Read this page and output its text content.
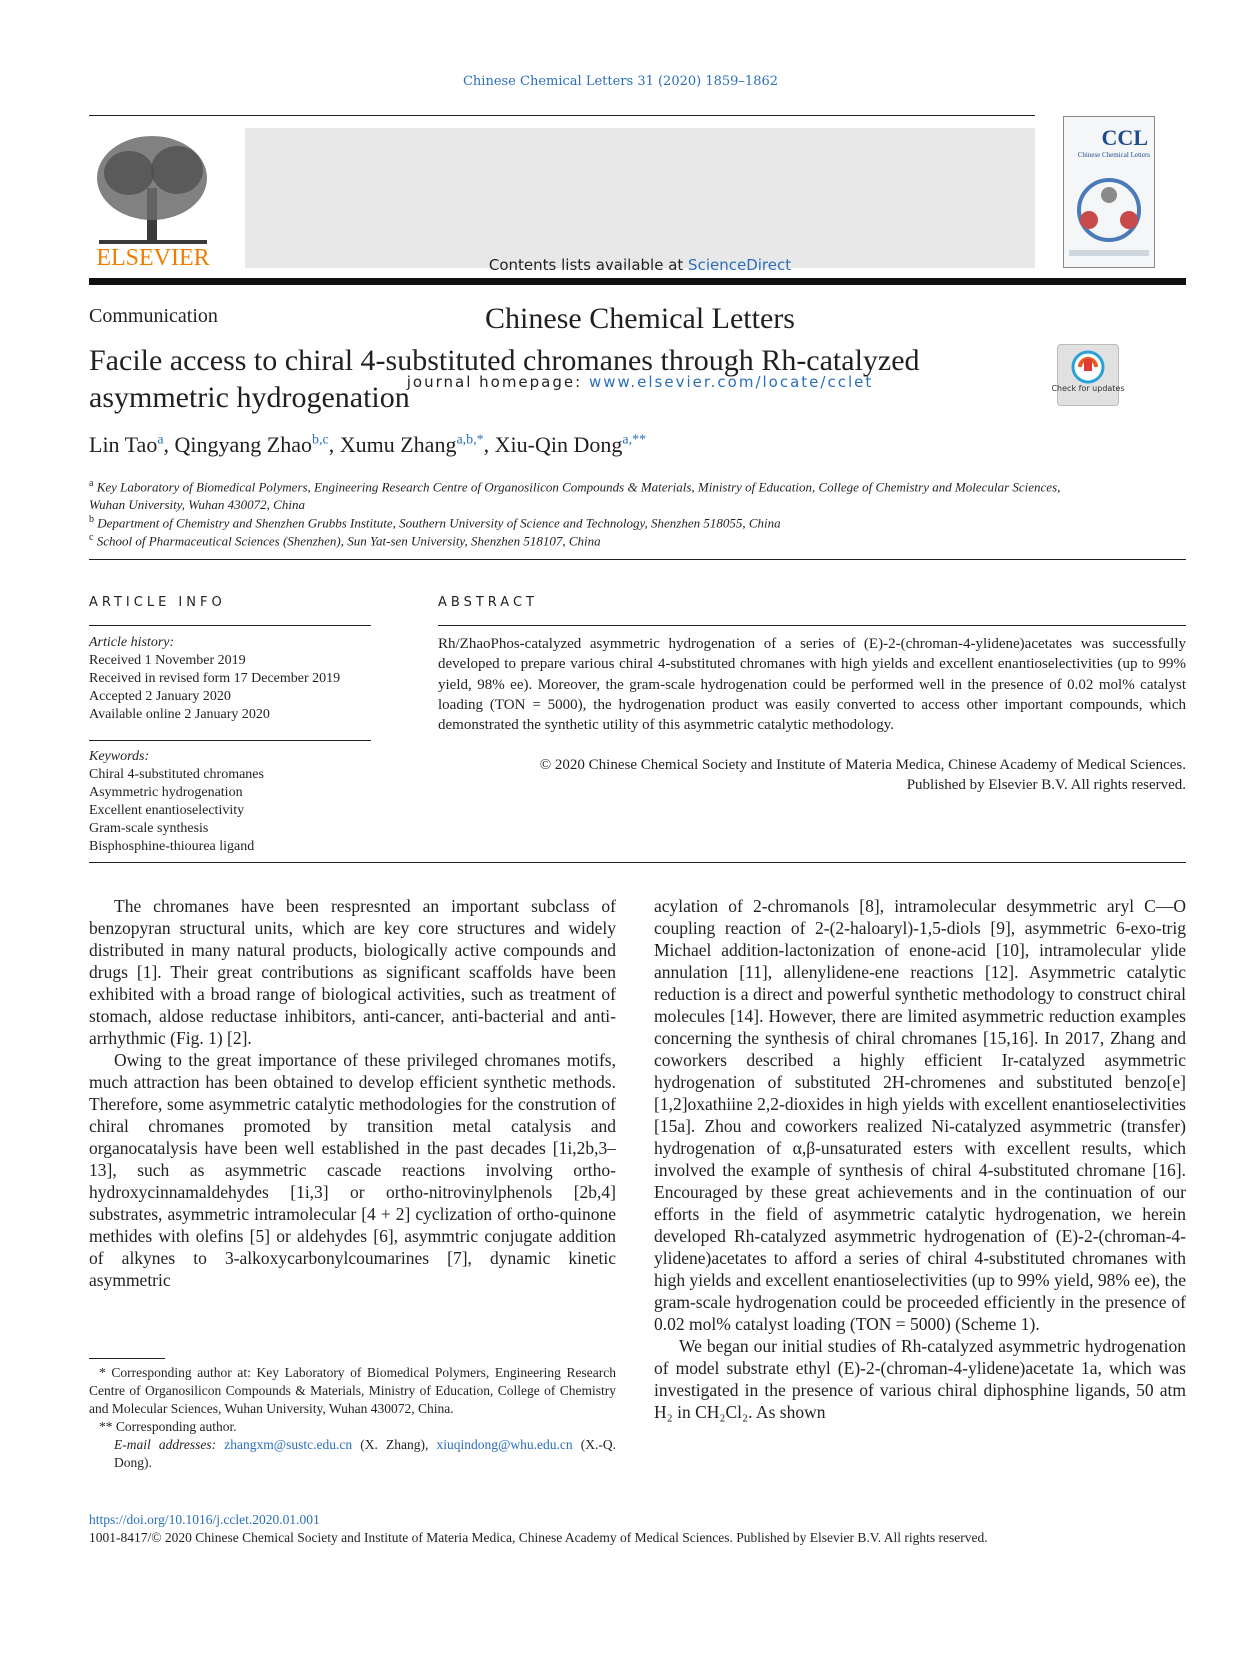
Chinese Chemical Letters 31 (2020) 1859–1862
ELSEVIER	Contents lists available at ScienceDirect
Chinese Chemical Letters
journal homepage: www.elsevier.com/locate/cclet
CCL
Chinese Chemical Letters
Communication
Facile access to chiral 4-substituted chromanes through Rh-catalyzed asymmetric hydrogenation	Check for updates
Lin Tao$^a$, Qingyang Zhao$^{b,c}$, Xumu Zhang$^{a,b,*}$, Xiu-Qin Dong$^{a,**}$
$^a$ Key Laboratory of Biomedical Polymers, Engineering Research Centre of Organosilicon Compounds & Materials, Ministry of Education, College of Chemistry and Molecular Sciences, Wuhan University, Wuhan 430072, China
$^b$ Department of Chemistry and Shenzhen Grubbs Institute, Southern University of Science and Technology, Shenzhen 518055, China
$^c$ School of Pharmaceutical Sciences (Shenzhen), Sun Yat-sen University, Shenzhen 518107, China
ARTICLE INFO
Article history:
Received 1 November 2019
Received in revised form 17 December 2019
Accepted 2 January 2020
Available online 2 January 2020
Keywords:
Chiral 4-substituted chromanes
Asymmetric hydrogenation
Excellent enantioselectivity
Gram-scale synthesis
Bisphosphine-thiourea ligand
ABSTRACT
Rh/ZhaoPhos-catalyzed asymmetric hydrogenation of a series of (E)-2-(chroman-4-ylidene)acetates was successfully developed to prepare various chiral 4-substituted chromanes with high yields and excellent enantioselectivities (up to 99% yield, 98% ee). Moreover, the gram-scale hydrogenation could be performed well in the presence of 0.02 mol% catalyst loading (TON = 5000), the hydrogenation product was easily converted to access other important compounds, which demonstrated the synthetic utility of this asymmetric catalytic methodology.
© 2020 Chinese Chemical Society and Institute of Materia Medica, Chinese Academy of Medical Sciences.
Published by Elsevier B.V. All rights reserved.

The chromanes have been respresnted an important subclass of benzopyran structural units, which are key core structures and widely distributed in many natural products, biologically active compounds and drugs [1]. Their great contributions as significant scaffolds have been exhibited with a broad range of biological activities, such as treatment of stomach, aldose reductase inhibitors, anti-cancer, anti-bacterial and anti-arrhythmic (Fig. 1) [2].

Owing to the great importance of these privileged chromanes motifs, much attraction has been obtained to develop efficient synthetic methods. Therefore, some asymmetric catalytic methodologies for the constrution of chiral chromanes promoted by transition metal catalysis and organocatalysis have been well established in the past decades [1i,2b,3–13], such as asymmetric cascade reactions involving ortho-hydroxycinnamaldehydes [1i,3] or ortho-nitrovinylphenols [2b,4] substrates, asymmetric intramolecular [4 + 2] cyclization of ortho-quinone methides with olefins [5] or aldehydes [6], asymmtric conjugate addition of alkynes to 3-alkoxycarbonylcoumarines [7], dynamic kinetic asymmetric

acylation of 2-chromanols [8], intramolecular desymmetric aryl C—O coupling reaction of 2-(2-haloaryl)-1,5-diols [9], asymmetric 6-exo-trig Michael addition-lactonization of enone-acid [10], intramolecular ylide annulation [11], allenylidene-ene reactions [12]. Asymmetric catalytic reduction is a direct and powerful synthetic methodology to construct chiral molecules [14]. However, there are limited asymmetric reduction examples concerning the synthesis of chiral chromanes [15,16]. In 2017, Zhang and coworkers described a highly efficient Ir-catalyzed asymmetric hydrogenation of substituted 2H-chromenes and substituted benzo[e][1,2]oxathiine 2,2-dioxides in high yields with excellent enantioselectivities [15a]. Zhou and coworkers realized Ni-catalyzed asymmetric (transfer) hydrogenation of α,β-unsaturated esters with excellent results, which involved the example of synthesis of chiral 4-substituted chromane [16]. Encouraged by these great achievements and in the continuation of our efforts in the field of asymmetric catalytic hydrogenation, we herein developed Rh-catalyzed asymmetric hydrogenation of (E)-2-(chroman-4-ylidene)acetates to afford a series of chiral 4-substituted chromanes with high yields and excellent enantioselectivities (up to 99% yield, 98% ee), the gram-scale hydrogenation could be proceeded efficiently in the presence of 0.02 mol% catalyst loading (TON = 5000) (Scheme 1).

We began our initial studies of Rh-catalyzed asymmetric hydrogenation of model substrate ethyl (E)-2-(chroman-4-ylidene)acetate 1a, which was investigated in the presence of various chiral diphosphine ligands, 50 atm H₂ in CH₂Cl₂. As shown

* Corresponding author at: Key Laboratory of Biomedical Polymers, Engineering Research Centre of Organosilicon Compounds & Materials, Ministry of Education, College of Chemistry and Molecular Sciences, Wuhan University, Wuhan 430072, China.
** Corresponding author.
E-mail addresses: zhangxm@sustc.edu.cn (X. Zhang), xiuqindong@whu.edu.cn (X.-Q. Dong).
https://doi.org/10.1016/j.cclet.2020.01.001
1001-8417/© 2020 Chinese Chemical Society and Institute of Materia Medica, Chinese Academy of Medical Sciences. Published by Elsevier B.V. All rights reserved.
